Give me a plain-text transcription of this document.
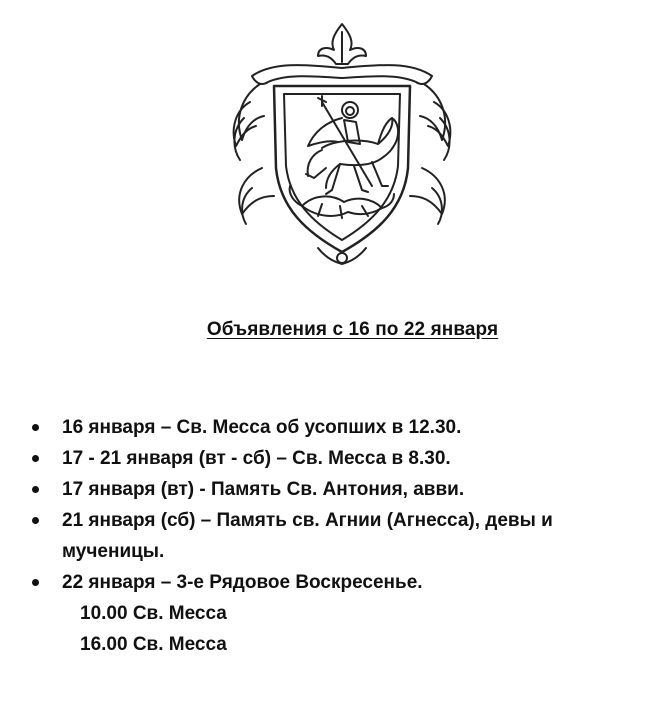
Объявления с 16 по 22 января
16 января – Св. Месса об усопших в 12.30.
17 - 21 января (вт - сб) – Св. Месса в 8.30.
17 января (вт) - Память Св. Антония, авви.
21 января (сб) – Память св. Агнии (Агнесса), девы и мученицы.
22 января – 3-е Рядовое Воскресенье.
10.00 Св. Месса
16.00 Св. Месса
